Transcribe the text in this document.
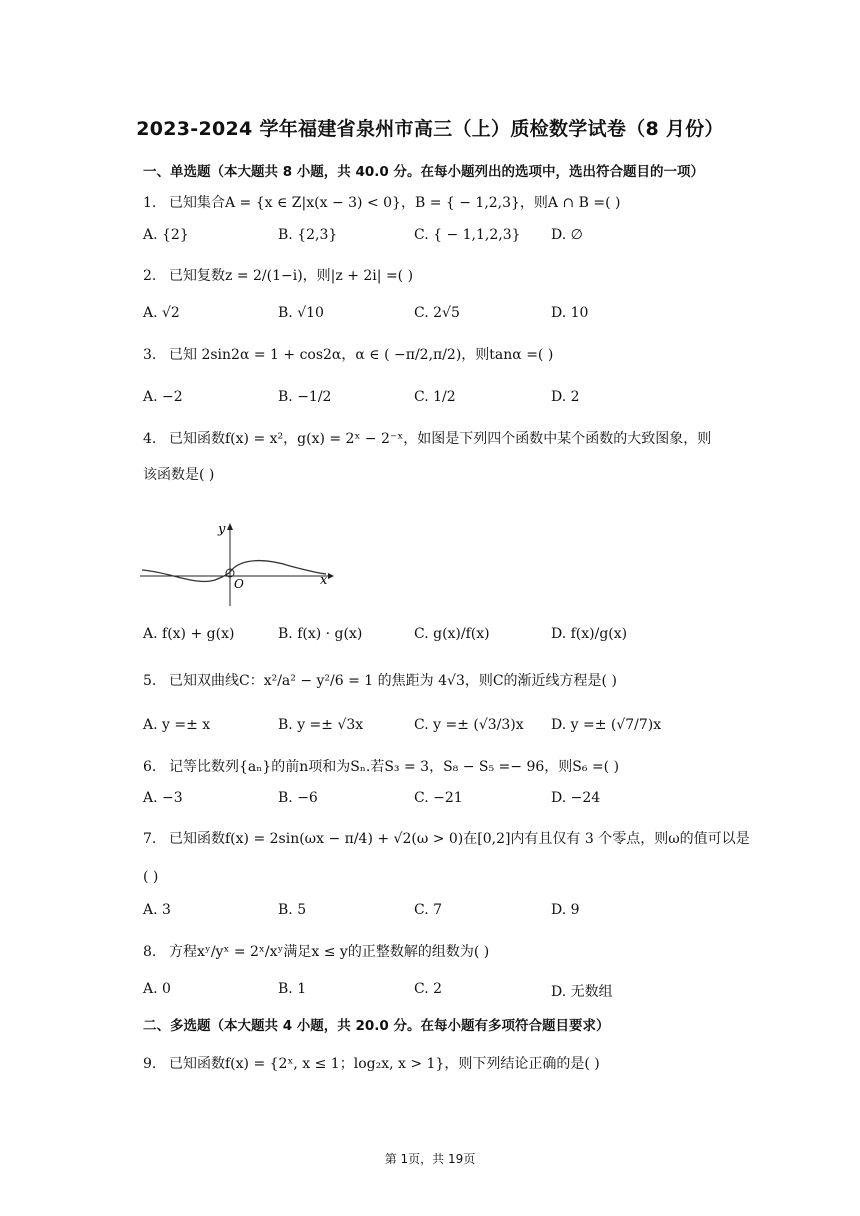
2023-2024 学年福建省泉州市高三（上）质检数学试卷（8 月份）
一、单选题（本大题共 8 小题，共 40.0 分。在每小题列出的选项中，选出符合题目的一项）
1. 已知集合A = {x ∈ Z|x(x − 3) < 0}，B = { − 1,2,3}，则A ∩ B =( )
A. {2}	B. {2,3}	C. { − 1,1,2,3} D. ∅
2. 已知复数z = 2/(1−i)，则|z + 2i| =( )
A. √2	B. √10	C. 2√5	D. 10
3. 已知 2sin2α = 1 + cos2α，α ∈ ( −π/2,π/2)，则tanα =( )
A. −2	B. −1/2	C. 1/2	D. 2
4. 已知函数f(x) = x²，g(x) = 2ˣ − 2⁻ˣ，如图是下列四个函数中某个函数的大致图象，则
该函数是( )
y
x
O
A. f(x) + g(x)	B. f(x) · g(x)	C. g(x)/f(x)	D. f(x)/g(x)
5. 已知双曲线C：x²/a² − y²/6 = 1 的焦距为 4√3，则C的渐近线方程是( )
A. y =± x	B. y =± √3x	C. y =± (√3/3)x D. y =± (√7/7)x
6. 记等比数列{aₙ}的前n项和为Sₙ.若S₃ = 3，S₈ − S₅ =− 96，则S₆ =( )
A. −3	B. −6	C. −21	D. −24
7. 已知函数f(x) = 2sin(ωx − π/4) + √2(ω > 0)在[0,2]内有且仅有 3 个零点，则ω的值可以是
( )
A. 3	B. 5	C. 7	D. 9
8. 方程xʸ/yˣ = 2ˣ/xʸ满足x ≤ y的正整数解的组数为( )
A. 0	B. 1	C. 2	D. 无数组
二、多选题（本大题共 4 小题，共 20.0 分。在每小题有多项符合题目要求）
9. 已知函数f(x) = {2ˣ, x ≤ 1；log₂x, x > 1}，则下列结论正确的是( )
第 1页，共 19页
